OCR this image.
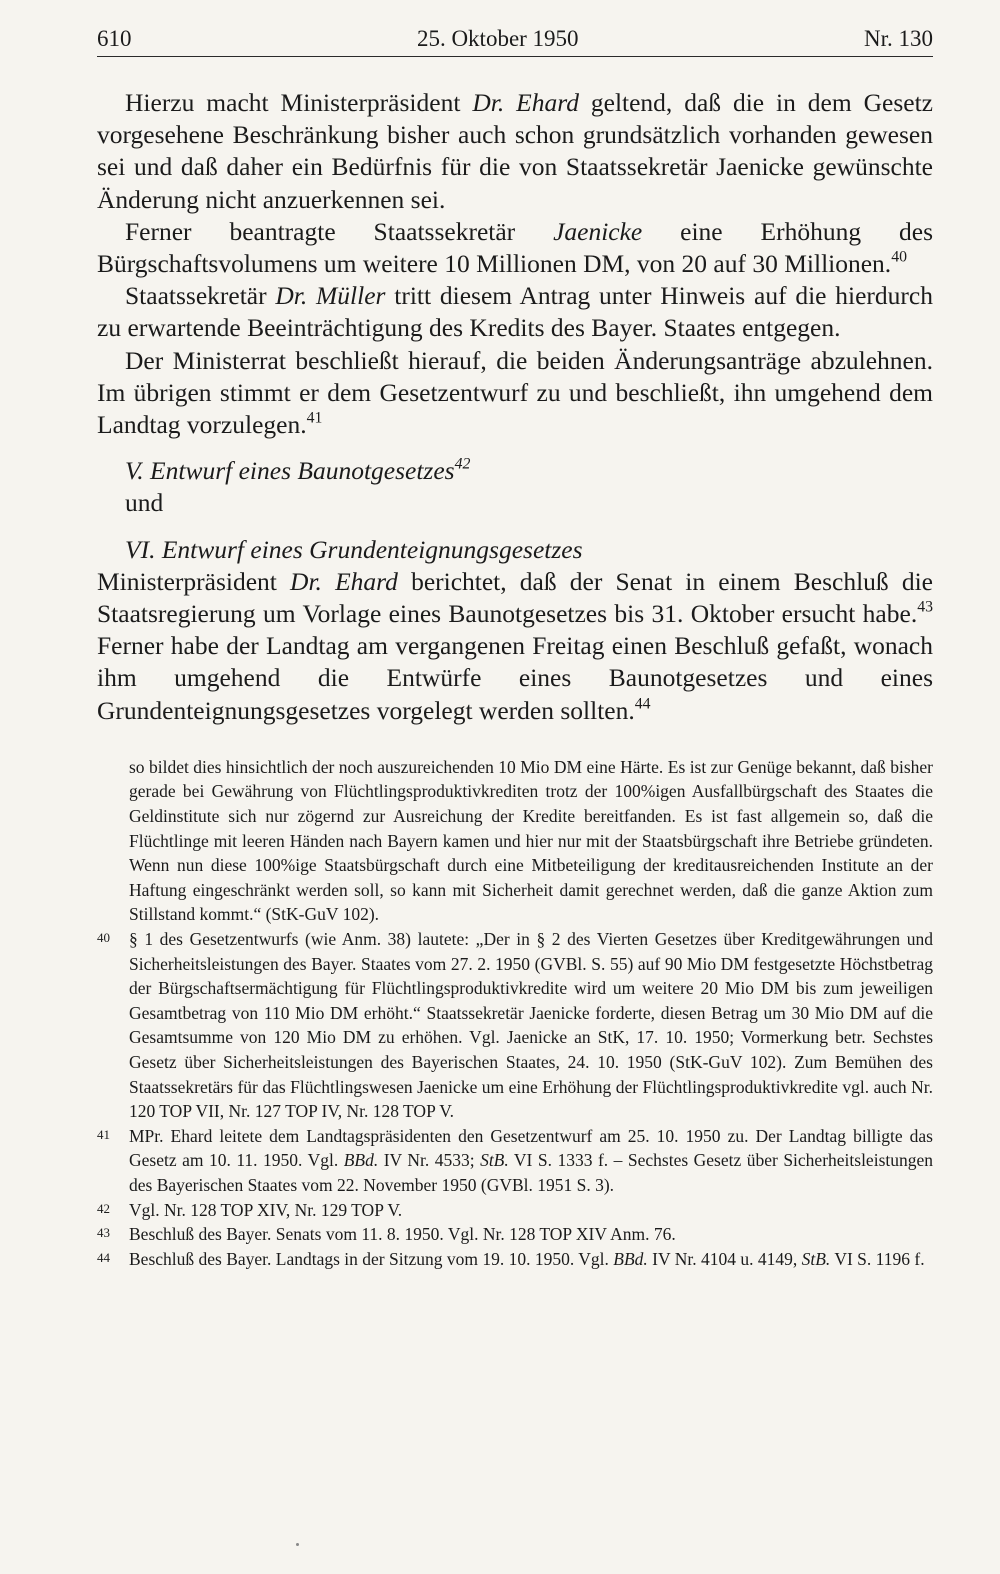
610	25. Oktober 1950	Nr. 130

Hierzu macht Ministerpräsident Dr. Ehard geltend, daß die in dem Gesetz vorgesehene Beschränkung bisher auch schon grundsätzlich vorhanden gewesen sei und daß daher ein Bedürfnis für die von Staatssekretär Jaenicke gewünschte Änderung nicht anzuerkennen sei.

Ferner beantragte Staatssekretär Jaenicke eine Erhöhung des Bürgschaftsvolumens um weitere 10 Millionen DM, von 20 auf 30 Millionen.$^{40}$

Staatssekretär Dr. Müller tritt diesem Antrag unter Hinweis auf die hierdurch zu erwartende Beeinträchtigung des Kredits des Bayer. Staates entgegen.

Der Ministerrat beschließt hierauf, die beiden Änderungsanträge abzulehnen. Im übrigen stimmt er dem Gesetzentwurf zu und beschließt, ihn umgehend dem Landtag vorzulegen.$^{41}$

V. Entwurf eines Baunotgesetzes$^{42}$

und

VI. Entwurf eines Grundenteignungsgesetzes

Ministerpräsident Dr. Ehard berichtet, daß der Senat in einem Beschluß die Staatsregierung um Vorlage eines Baunotgesetzes bis 31. Oktober ersucht habe.$^{43}$ Ferner habe der Landtag am vergangenen Freitag einen Beschluß gefaßt, wonach ihm umgehend die Entwürfe eines Baunotgesetzes und eines Grundenteignungsgesetzes vorgelegt werden sollten.$^{44}$

so bildet dies hinsichtlich der noch auszureichenden 10 Mio DM eine Härte. Es ist zur Genüge bekannt, daß bisher gerade bei Gewährung von Flüchtlingsproduktivkrediten trotz der 100%igen Ausfallbürgschaft des Staates die Geldinstitute sich nur zögernd zur Ausreichung der Kredite bereitfanden. Es ist fast allgemein so, daß die Flüchtlinge mit leeren Händen nach Bayern kamen und hier nur mit der Staatsbürgschaft ihre Betriebe gründeten. Wenn nun diese 100%ige Staatsbürgschaft durch eine Mitbeteiligung der kreditausreichenden Institute an der Haftung eingeschränkt werden soll, so kann mit Sicherheit damit gerechnet werden, daß die ganze Aktion zum Stillstand kommt.“ (StK-GuV 102).

40	§ 1 des Gesetzentwurfs (wie Anm. 38) lautete: „Der in § 2 des Vierten Gesetzes über Kreditgewährungen und Sicherheitsleistungen des Bayer. Staates vom 27. 2. 1950 (GVBl. S. 55) auf 90 Mio DM festgesetzte Höchstbetrag der Bürgschaftsermächtigung für Flüchtlingsproduktivkredite wird um weitere 20 Mio DM bis zum jeweiligen Gesamtbetrag von 110 Mio DM erhöht.“ Staatssekretär Jaenicke forderte, diesen Betrag um 30 Mio DM auf die Gesamtsumme von 120 Mio DM zu erhöhen. Vgl. Jaenicke an StK, 17. 10. 1950; Vormerkung betr. Sechstes Gesetz über Sicherheitsleistungen des Bayerischen Staates, 24. 10. 1950 (StK-GuV 102). Zum Bemühen des Staatssekretärs für das Flüchtlingswesen Jaenicke um eine Erhöhung der Flüchtlingsproduktivkredite vgl. auch Nr. 120 TOP VII, Nr. 127 TOP IV, Nr. 128 TOP V.
41	MPr. Ehard leitete dem Landtagspräsidenten den Gesetzentwurf am 25. 10. 1950 zu. Der Landtag billigte das Gesetz am 10. 11. 1950. Vgl. BBd. IV Nr. 4533; StB. VI S. 1333 f. – Sechstes Gesetz über Sicherheitsleistungen des Bayerischen Staates vom 22. November 1950 (GVBl. 1951 S. 3).
42	Vgl. Nr. 128 TOP XIV, Nr. 129 TOP V.
43	Beschluß des Bayer. Senats vom 11. 8. 1950. Vgl. Nr. 128 TOP XIV Anm. 76.
44	Beschluß des Bayer. Landtags in der Sitzung vom 19. 10. 1950. Vgl. BBd. IV Nr. 4104 u. 4149, StB. VI S. 1196 f.
